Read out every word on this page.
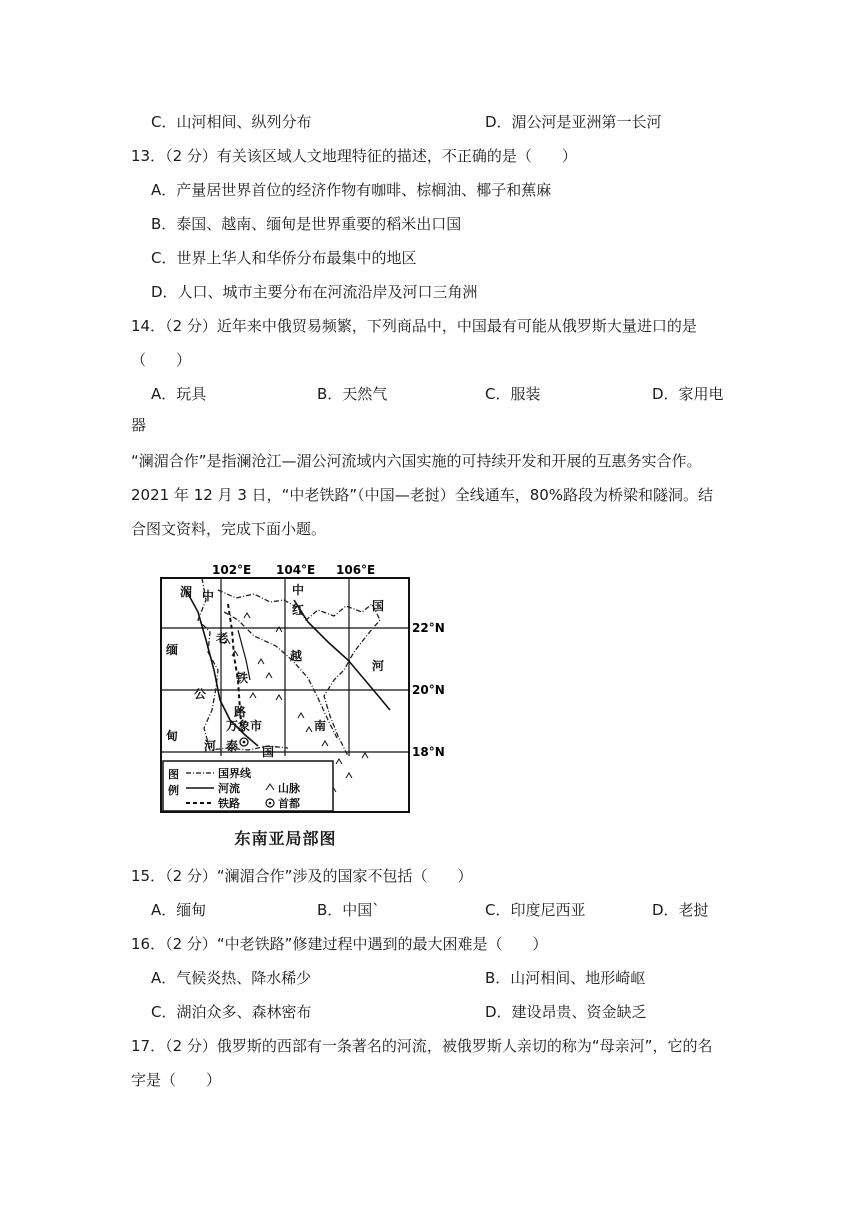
C．山河相间、纵列分布	D．湄公河是亚洲第一长河
13．（2 分）有关该区域人文地理特征的描述，不正确的是（　　）
A．产量居世界首位的经济作物有咖啡、棕榈油、椰子和蕉麻
B．泰国、越南、缅甸是世界重要的稻米出口国
C．世界上华人和华侨分布最集中的地区
D．人口、城市主要分布在河流沿岸及河口三角洲
14．（2 分）近年来中俄贸易频繁，下列商品中，中国最有可能从俄罗斯大量进口的是
（　　）
A．玩具	B．天然气	C．服装	D．家用电
器
“澜湄合作”是指澜沧江—湄公河流域内六国实施的可持续开发和开展的互惠务实合作。
2021 年 12 月 3 日，“中老铁路”（中国—老挝）全线通车，80%路段为桥梁和隧洞。结
合图文资料，完成下面小题。
102°E 104°E 106°E
22°N
20°N
18°N
湄 中	中
国
红
老
缅	越
河
铁
公
路
万象市	南
甸
河 泰 国
图
例
国界线
河流
铁路
山脉
首都
东南亚局部图
15．（2 分）“澜湄合作”涉及的国家不包括（　　）
A．缅甸	B．中国`	C．印度尼西亚	D．老挝
16．（2 分）“中老铁路”修建过程中遇到的最大困难是（　　）
A．气候炎热、降水稀少	B．山河相间、地形崎岖
C．湖泊众多、森林密布	D．建设昂贵、资金缺乏
17．（2 分）俄罗斯的西部有一条著名的河流，被俄罗斯人亲切的称为“母亲河”，它的名
字是（　　）
